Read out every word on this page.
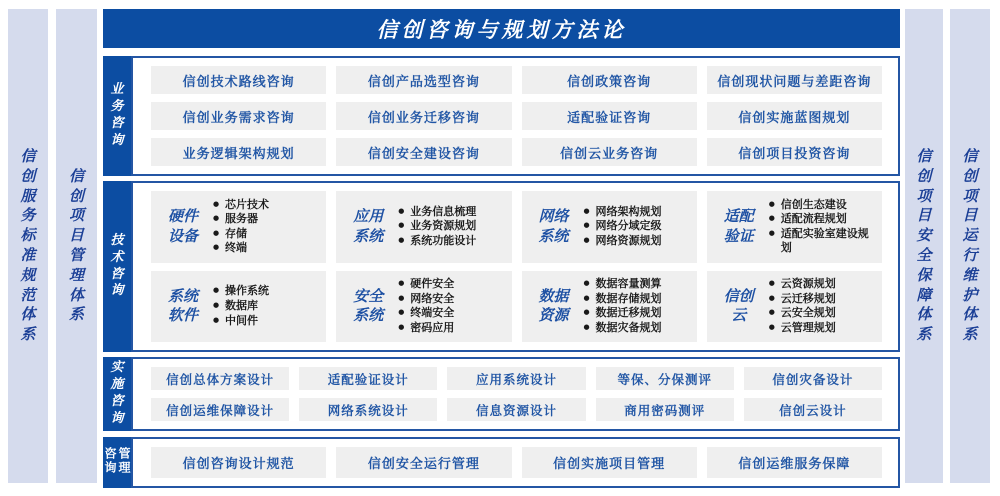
信创服务标准规范体系
信创项目管理体系
信创项目安全保障体系
信创项目运行维护体系
信创咨询与规划方法论
业务咨询
信创技术路线咨询	信创产品选型咨询	信创政策咨询	信创现状问题与差距咨询
信创业务需求咨询	信创业务迁移咨询	适配验证咨询	信创实施蓝图规划
业务逻辑架构规划	信创安全建设咨询	信创云业务咨询	信创项目投资咨询
技术咨询
硬件设备
● 芯片技术
● 服务器
● 存储
● 终端
应用系统
● 业务信息梳理
● 业务资源规划
● 系统功能设计
网络系统
● 网络架构规划
● 网络分域定级
● 网络资源规划
适配验证
● 信创生态建设
● 适配流程规划
● 适配实验室建设规划
系统软件
● 操作系统
● 数据库
● 中间件
安全系统
● 硬件安全
● 网络安全
● 终端安全
● 密码应用
数据资源
● 数据容量测算
● 数据存储规划
● 数据迁移规划
● 数据灾备规划
信创云
● 云资源规划
● 云迁移规划
● 云安全规划
● 云管理规划
实施咨询
信创总体方案设计	适配验证设计	应用系统设计	等保、分保测评	信创灾备设计
信创运维保障设计	网络系统设计	信息资源设计	商用密码测评	信创云设计
咨询管理	信创咨询设计规范	信创安全运行管理	信创实施项目管理	信创运维服务保障
